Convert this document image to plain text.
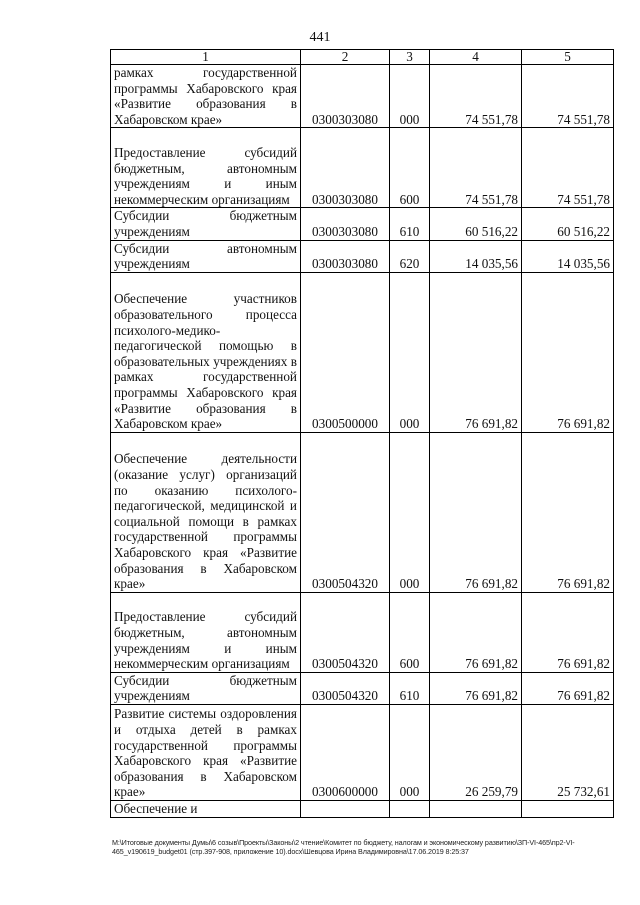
441
1	2	3	4	5
рамках государственной программы Хабаровского края «Развитие образования в Хабаровском крае»	0300303080	000	74 551,78	74 551,78
Предоставление субсидий бюджетным, автономным учреждениям и иным некоммерческим организациям	0300303080	600	74 551,78	74 551,78
Субсидии бюджетным учреждениям	0300303080	610	60 516,22	60 516,22
Субсидии автономным учреждениям	0300303080	620	14 035,56	14 035,56
Обеспечение участников образовательного процесса психолого-медико-педагогической помощью в образовательных учреждениях в рамках государственной программы Хабаровского края «Развитие образования в Хабаровском крае»	0300500000	000	76 691,82	76 691,82
Обеспечение деятельности (оказание услуг) организаций по оказанию психолого-педагогической, медицинской и социальной помощи в рамках государственной программы Хабаровского края «Развитие образования в Хабаровском крае»	0300504320	000	76 691,82	76 691,82
Предоставление субсидий бюджетным, автономным учреждениям и иным некоммерческим организациям	0300504320	600	76 691,82	76 691,82
Субсидии бюджетным учреждениям	0300504320	610	76 691,82	76 691,82
Развитие системы оздоровления и отдыха детей в рамках государственной программы Хабаровского края «Развитие образования в Хабаровском крае»	0300600000	000	26 259,79	25 732,61
Обеспечение и				
M:\Итоговые документы Думы\6 созыв\Проекты\Законы\2 чтение\Комитет по бюджету, налогам и экономическому развитию\ЗП-VI-465\пр2-VI-465_v190619_budget01 (стр.397-908, приложение 10).docx\Шевцова Ирина Владимировна\17.06.2019 8:25:37
